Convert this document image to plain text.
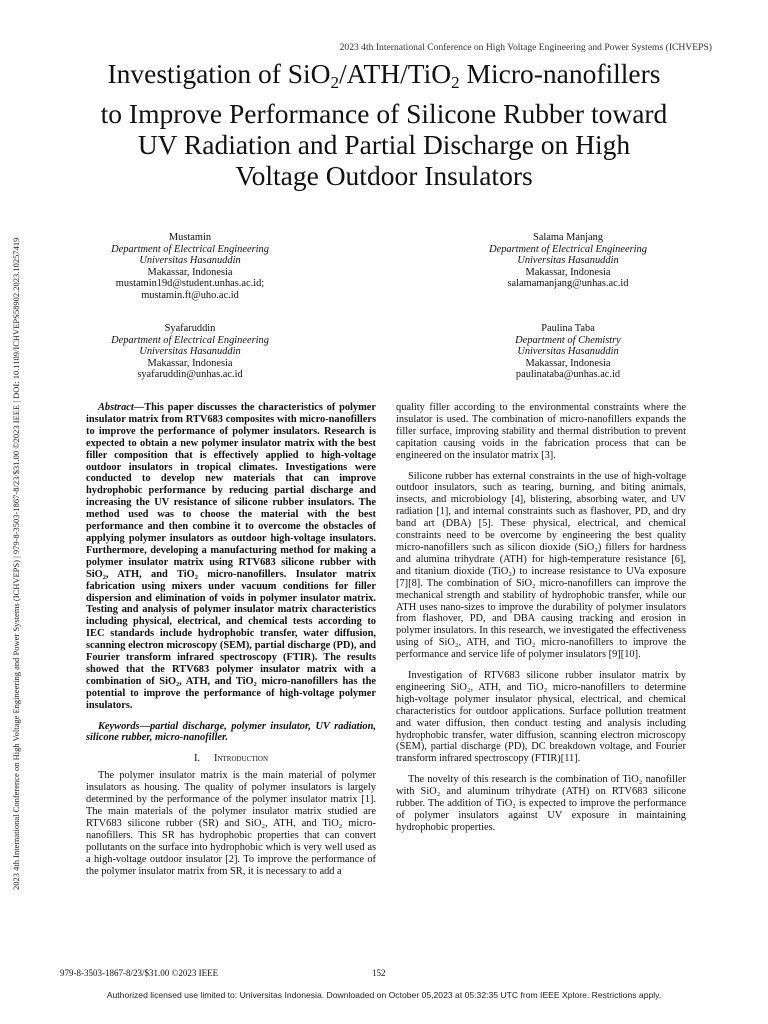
2023 4th International Conference on High Voltage Engineering and Power Systems (ICHVEPS)
2023 4th International Conference on High Voltage Engineering and Power Systems (ICHVEPS) | 979-8-3503-1867-8/23/$31.00 ©2023 IEEE | DOI: 10.1109/ICHVEPS58902.2023.10257419
Investigation of SiO$_2$/ATH/TiO$_2$ Micro-nanofillers
to Improve Performance of Silicone Rubber toward
UV Radiation and Partial Discharge on High
Voltage Outdoor Insulators
Mustamin
Department of Electrical Engineering
Universitas Hasanuddin
Makassar, Indonesia
mustamin19d@student.unhas.ac.id;
mustamin.ft@uho.ac.id
Salama Manjang
Department of Electrical Engineering
Universitas Hasanuddin
Makassar, Indonesia
salamamanjang@unhas.ac.id
Syafaruddin
Department of Electrical Engineering
Universitas Hasanuddin
Makassar, Indonesia
syafaruddin@unhas.ac.id
Paulina Taba
Department of Chemistry
Universitas Hasanuddin
Makassar, Indonesia
paulinataba@unhas.ac.id

Abstract—This paper discusses the characteristics of polymer insulator matrix from RTV683 composites with micro-nanofillers to improve the performance of polymer insulators. Research is expected to obtain a new polymer insulator matrix with the best filler composition that is effectively applied to high-voltage outdoor insulators in tropical climates. Investigations were conducted to develop new materials that can improve hydrophobic performance by reducing partial discharge and increasing the UV resistance of silicone rubber insulators. The method used was to choose the material with the best performance and then combine it to overcome the obstacles of applying polymer insulators as outdoor high-voltage insulators. Furthermore, developing a manufacturing method for making a polymer insulator matrix using RTV683 silicone rubber with SiO₂, ATH, and TiO₂ micro-nanofillers. Insulator matrix fabrication using mixers under vacuum conditions for filler dispersion and elimination of voids in polymer insulator matrix. Testing and analysis of polymer insulator matrix characteristics including physical, electrical, and chemical tests according to IEC standards include hydrophobic transfer, water diffusion, scanning electron microscopy (SEM), partial discharge (PD), and Fourier transform infrared spectroscopy (FTIR). The results showed that the RTV683 polymer insulator matrix with a combination of SiO₂, ATH, and TiO₂ micro-nanofillers has the potential to improve the performance of high-voltage polymer insulators.

Keywords—partial discharge, polymer insulator, UV radiation, silicone rubber, micro-nanofiller.

I. Introduction

The polymer insulator matrix is the main material of polymer insulators as housing. The quality of polymer insulators is largely determined by the performance of the polymer insulator matrix [1]. The main materials of the polymer insulator matrix studied are RTV683 silicone rubber (SR) and SiO₂, ATH, and TiO₂ micro-nanofillers. This SR has hydrophobic properties that can convert pollutants on the surface into hydrophobic which is very well used as a high-voltage outdoor insulator [2]. To improve the performance of the polymer insulator matrix from SR, it is necessary to add a

quality filler according to the environmental constraints where the insulator is used. The combination of micro-nanofillers expands the filler surface, improving stability and thermal distribution to prevent capitation causing voids in the fabrication process that can be engineered on the insulator matrix [3].

Silicone rubber has external constraints in the use of high-voltage outdoor insulators, such as tearing, burning, and biting animals, insects, and microbiology [4], blistering, absorbing water, and UV radiation [1], and internal constraints such as flashover, PD, and dry band art (DBA) [5]. These physical, electrical, and chemical constraints need to be overcome by engineering the best quality micro-nanofillers such as silicon dioxide (SiO₂) fillers for hardness and alumina trihydrate (ATH) for high-temperature resistance [6], and titanium dioxide (TiO₂) to increase resistance to UVa exposure [7][8]. The combination of SiO₂ micro-nanofillers can improve the mechanical strength and stability of hydrophobic transfer, while our ATH uses nano-sizes to improve the durability of polymer insulators from flashover, PD, and DBA causing tracking and erosion in polymer insulators. In this research, we investigated the effectiveness using of SiO₂, ATH, and TiO₂ micro-nanofillers to improve the performance and service life of polymer insulators [9][10].

Investigation of RTV683 silicone rubber insulator matrix by engineering SiO₂, ATH, and TiO₂ micro-nanofillers to determine high-voltage polymer insulator physical, electrical, and chemical characteristics for outdoor applications. Surface pollution treatment and water diffusion, then conduct testing and analysis including hydrophobic transfer, water diffusion, scanning electron microscopy (SEM), partial discharge (PD), DC breakdown voltage, and Fourier transform infrared spectroscopy (FTIR)[11].

The novelty of this research is the combination of TiO₂ nanofiller with SiO₂ and aluminum trihydrate (ATH) on RTV683 silicone rubber. The addition of TiO₂ is expected to improve the performance of polymer insulators against UV exposure in maintaining hydrophobic properties.

979-8-3503-1867-8/23/$31.00 ©2023 IEEE	152
Authorized licensed use limited to: Universitas Indonesia. Downloaded on October 05,2023 at 05:32:35 UTC from IEEE Xplore. Restrictions apply.
